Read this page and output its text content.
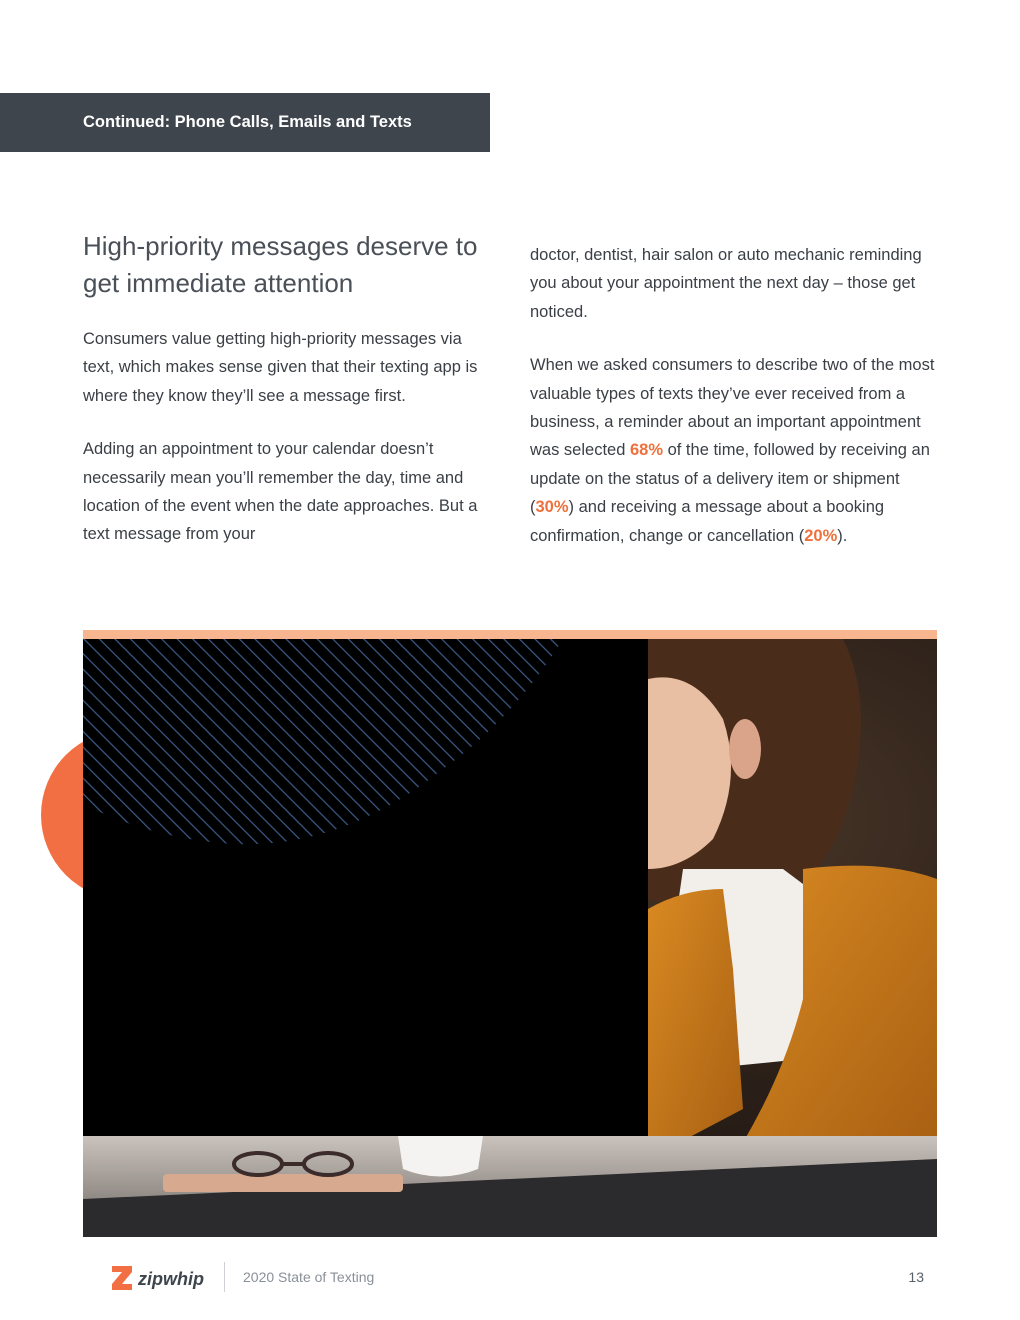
Continued: Phone Calls, Emails and Texts
High-priority messages deserve to get immediate attention

Consumers value getting high-priority messages via text, which makes sense given that their texting app is where they know they’ll see a message first.

Adding an appointment to your calendar doesn’t necessarily mean you’ll remember the day, time and location of the event when the date approaches. But a text message from your

doctor, dentist, hair salon or auto mechanic reminding you about your appointment the next day – those get noticed.

When we asked consumers to describe two of the most valuable types of texts they’ve ever received from a business, a reminder about an important appointment was selected 68% of the time, followed by receiving an update on the status of a delivery item or shipment (30%) and receiving a message about a booking confirmation, change or cancellation (20%).

zipwhip	2020 State of Texting	13
